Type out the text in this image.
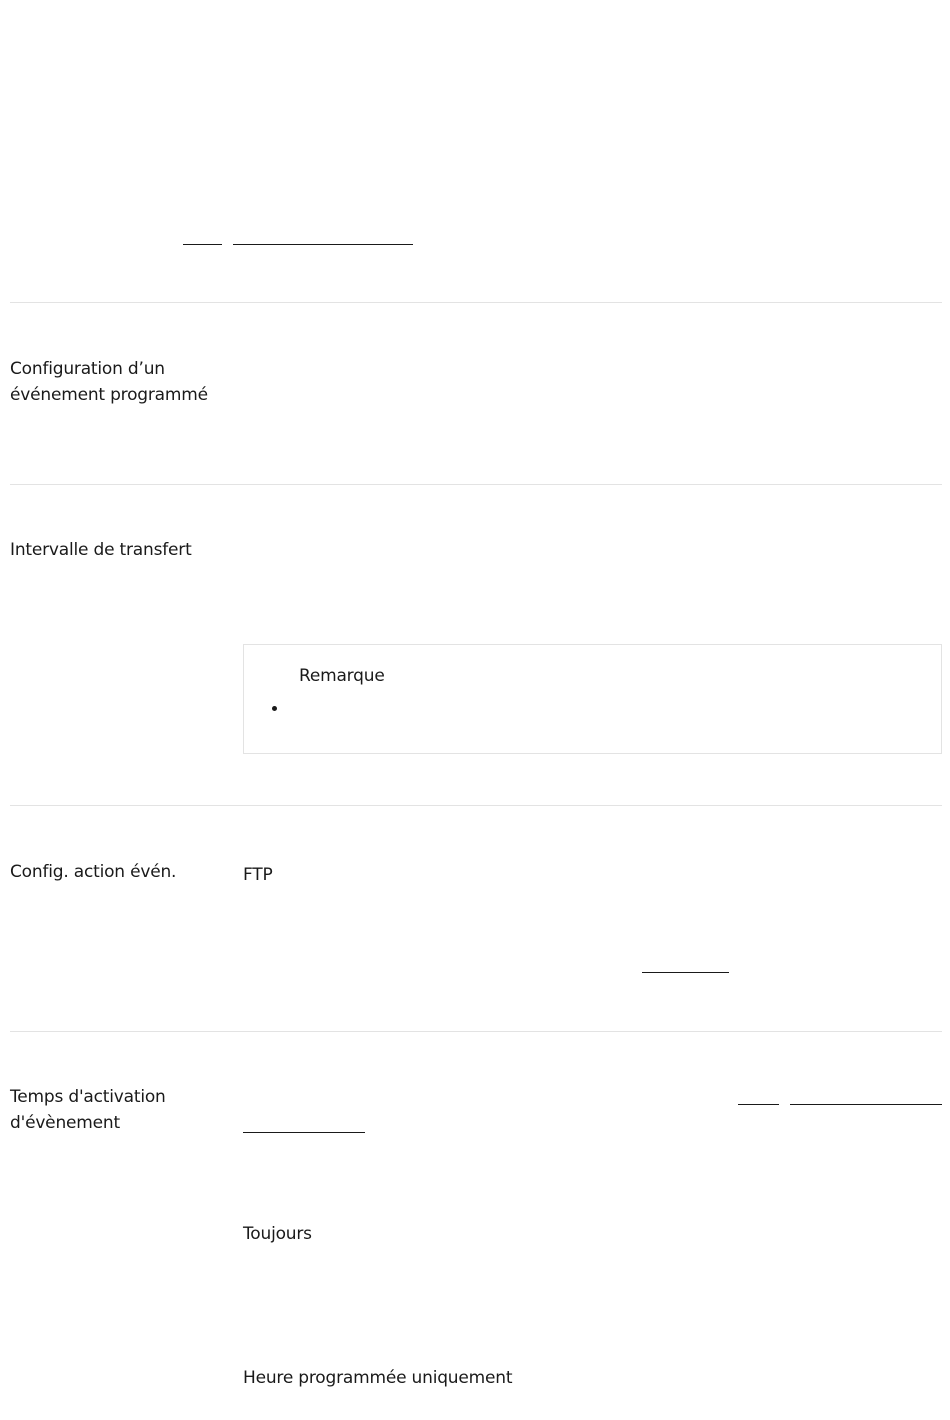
Configuration d’un événement programmé
Intervalle de transfert
Remarque
Config. action évén.	FTP
Temps d'activation d'évènement
Toujours
Heure programmée uniquement
